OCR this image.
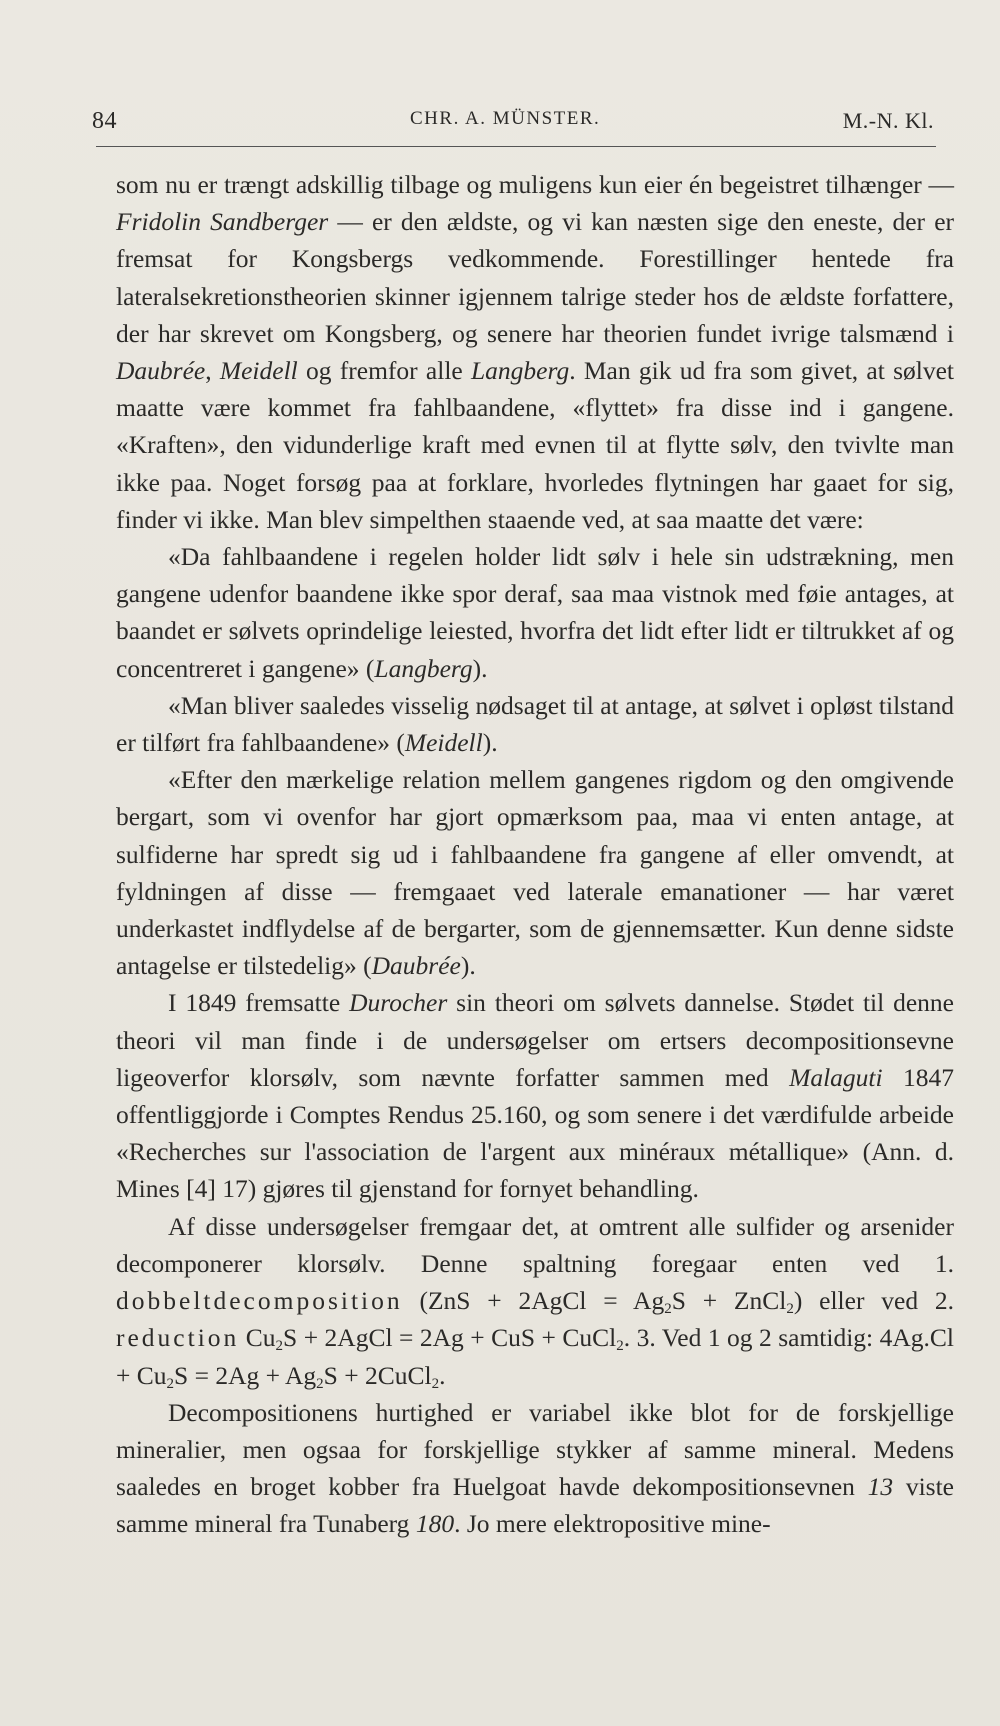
84	CHR. A. MÜNSTER.	M.-N. Kl.

som nu er trængt adskillig tilbage og muligens kun eier én begeistret tilhænger — Fridolin Sandberger — er den ældste, og vi kan næsten sige den eneste, der er fremsat for Kongsbergs vedkommende. Forestillinger hentede fra lateralsekretionstheorien skinner igjennem talrige steder hos de ældste forfattere, der har skrevet om Kongsberg, og senere har theorien fundet ivrige talsmænd i Daubrée, Meidell og fremfor alle Langberg. Man gik ud fra som givet, at sølvet maatte være kommet fra fahlbaandene, «flyttet» fra disse ind i gangene. «Kraften», den vidunderlige kraft med evnen til at flytte sølv, den tvivlte man ikke paa. Noget forsøg paa at forklare, hvorledes flytningen har gaaet for sig, finder vi ikke. Man blev simpelthen staaende ved, at saa maatte det være:

«Da fahlbaandene i regelen holder lidt sølv i hele sin udstrækning, men gangene udenfor baandene ikke spor deraf, saa maa vistnok med føie antages, at baandet er sølvets oprindelige leiested, hvorfra det lidt efter lidt er tiltrukket af og concentreret i gangene» (Langberg).

«Man bliver saaledes visselig nødsaget til at antage, at sølvet i opløst tilstand er tilført fra fahlbaandene» (Meidell).

«Efter den mærkelige relation mellem gangenes rigdom og den omgivende bergart, som vi ovenfor har gjort opmærksom paa, maa vi enten antage, at sulfiderne har spredt sig ud i fahlbaandene fra gangene af eller omvendt, at fyldningen af disse — fremgaaet ved laterale emanationer — har været underkastet indflydelse af de bergarter, som de gjennemsætter. Kun denne sidste antagelse er tilstedelig» (Daubrée).

I 1849 fremsatte Durocher sin theori om sølvets dannelse. Stødet til denne theori vil man finde i de undersøgelser om ertsers decompositionsevne ligeoverfor klorsølv, som nævnte forfatter sammen med Malaguti 1847 offentliggjorde i Comptes Rendus 25.160, og som senere i det værdifulde arbeide «Recherches sur l'association de l'argent aux minéraux métallique» (Ann. d. Mines [4] 17) gjøres til gjenstand for fornyet behandling.

Af disse undersøgelser fremgaar det, at omtrent alle sulfider og arsenider decomponerer klorsølv. Denne spaltning foregaar enten ved 1. dobbeltdecomposition (ZnS + 2AgCl = $Ag_2S$ + ZnCl$_2$) eller ved 2. reduction $Cu_2S$ + 2AgCl = 2Ag + CuS + CuCl$_2$. 3. Ved 1 og 2 samtidig: $4Ag.Cl + Cu_2S = 2Ag + Ag_2S$ + 2CuCl$_2$.

Decompositionens hurtighed er variabel ikke blot for de forskjellige mineralier, men ogsaa for forskjellige stykker af samme mineral. Medens saaledes en broget kobber fra Huelgoat havde dekompositionsevnen 13 viste samme mineral fra Tunaberg 180. Jo mere elektropositive mine-
